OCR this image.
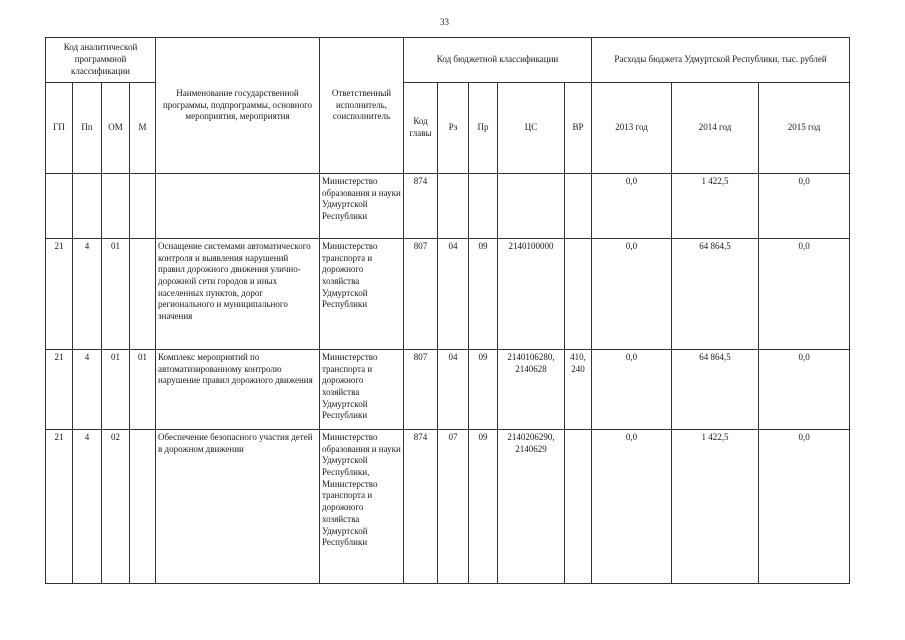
33
Код аналитической программной классификации				Наименование государственной программы, подпрограммы, основного мероприятия, мероприятия	Ответственный исполнитель, соисполнитель	Код бюджетной классификации					Расходы бюджета Удмуртской Республики, тыс. рублей		
ГП	Пп	ОМ	М			Код главы	Рз	Пр	ЦС	ВР	2013 год	2014 год	2015 год
					Министерство образования и науки Удмуртской Республики	874					0,0	1 422,5	0,0
21	4	01		Оснащение системами автоматического контроля и выявления нарушений правил дорожного движения улично-дорожной сети городов и иных населенных пунктов, дорог регионального и муниципального значения	Министерство транспорта и дорожного хозяйства Удмуртской Республики	807	04	09	2140100000		0,0	64 864,5	0,0
21	4	01	01	Комплекс мероприятий по автоматизированному контролю нарушение правил дорожного движения	Министерство транспорта и дорожного хозяйства Удмуртской Республики	807	04	09	2140106280, 2140628	410, 240	0,0	64 864,5	0,0
21	4	02		Обеспечение безопасного участия детей в дорожном движении	Министерство образования и науки Удмуртской Республики, Министерство транспорта и дорожного хозяйства Удмуртской Республики	874	07	09	2140206290, 2140629		0,0	1 422,5	0,0
